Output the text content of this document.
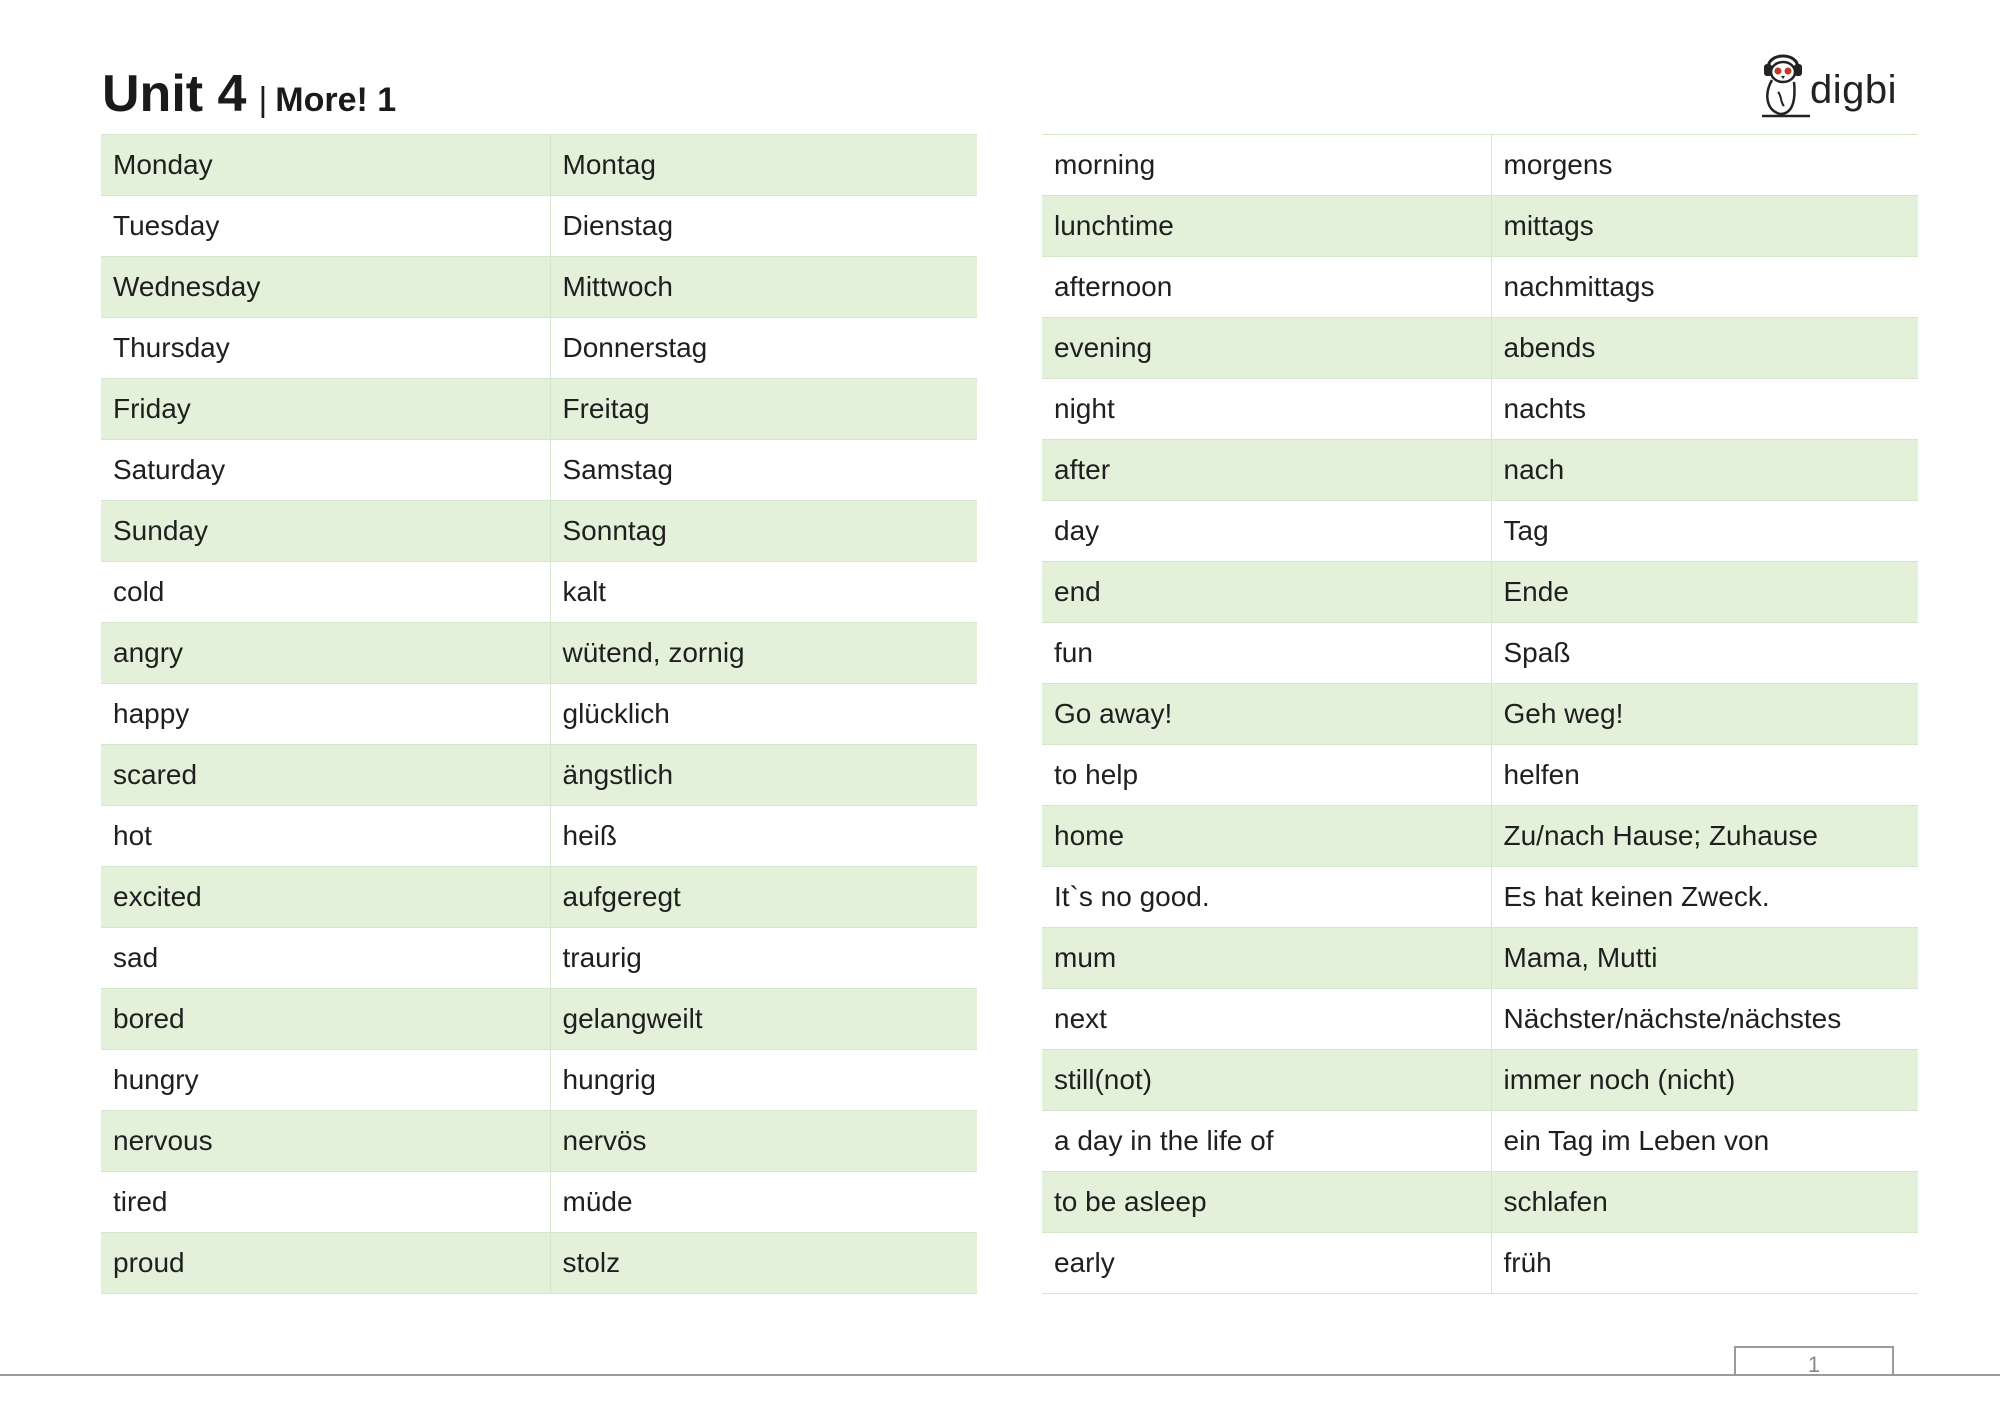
Unit 4 | More! 1	digbi
Monday	Montag
Tuesday	Dienstag
Wednesday	Mittwoch
Thursday	Donnerstag
Friday	Freitag
Saturday	Samstag
Sunday	Sonntag
cold	kalt
angry	wütend, zornig
happy	glücklich
scared	ängstlich
hot	heiß
excited	aufgeregt
sad	traurig
bored	gelangweilt
hungry	hungrig
nervous	nervös
tired	müde
proud	stolz
morning	morgens
lunchtime	mittags
afternoon	nachmittags
evening	abends
night	nachts
after	nach
day	Tag
end	Ende
fun	Spaß
Go away!	Geh weg!
to help	helfen
home	Zu/nach Hause; Zuhause
It`s no good.	Es hat keinen Zweck.
mum	Mama, Mutti
next	Nächster/nächste/nächstes
still(not)	immer noch (nicht)
a day in the life of	ein Tag im Leben von
to be asleep	schlafen
early	früh
1
